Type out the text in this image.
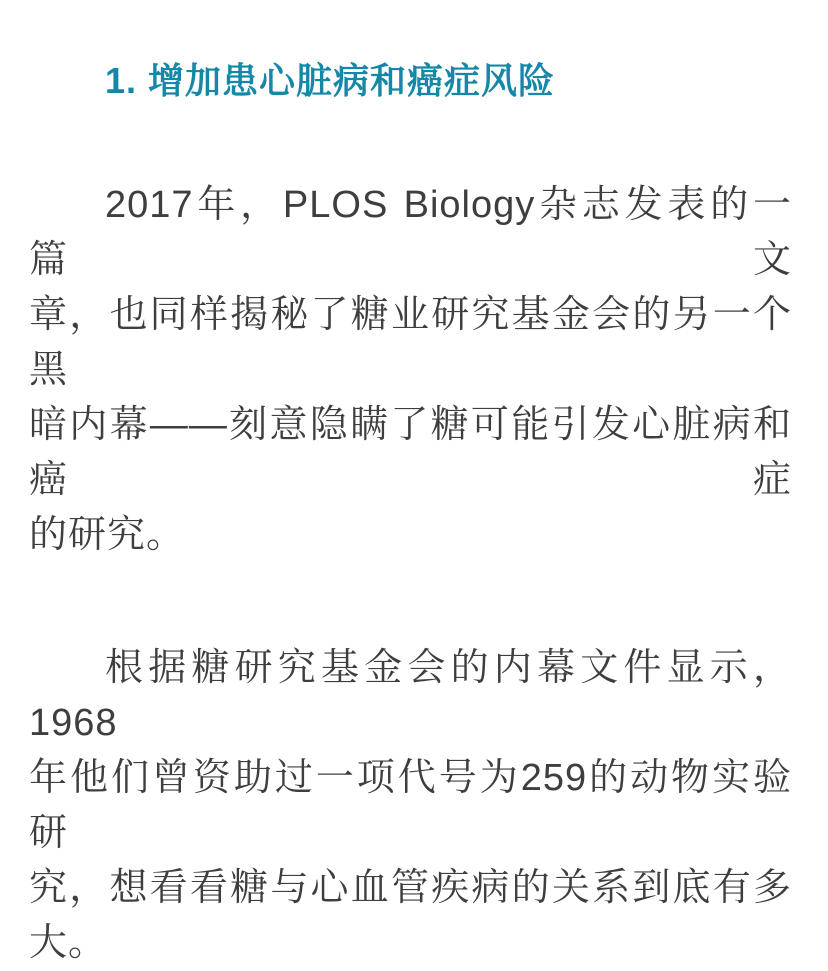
1. 增加患心脏病和癌症风险
2017年，PLOS Biology杂志发表的一篇文
章，也同样揭秘了糖业研究基金会的另一个黑
暗内幕——刻意隐瞒了糖可能引发心脏病和癌症
的研究。
根据糖研究基金会的内幕文件显示，1968
年他们曾资助过一项代号为259的动物实验研
究，想看看糖与心血管疾病的关系到底有多
大。
